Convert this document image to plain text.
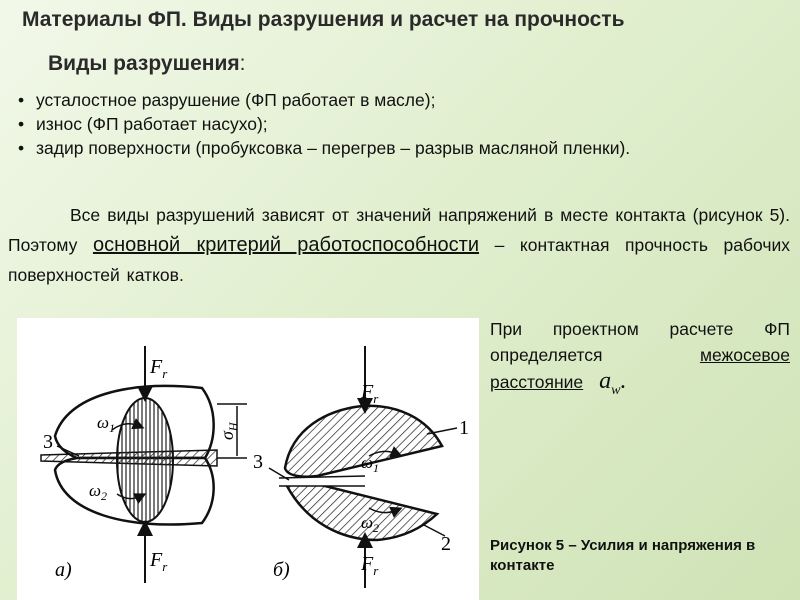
Материалы ФП. Виды разрушения и расчет на прочность
Виды разрушения:
• усталостное разрушение (ФП работает в масле);
• износ (ФП работает насухо);
• задир поверхности (пробуксовка – перегрев – разрыв масляной пленки).
Все виды разрушений зависят от значений напряжений в месте контакта (рисунок 5). Поэтому основной критерий работоспособности – контактная прочность рабочих поверхностей катков.
При проектном расчете ФП определяется межосевое расстояние $a_w$.
Рисунок 5 – Усилия и напряжения в контакте
$F_r$
$F_r$
$\omega_1$
$\omega_2$
$\sigma_H$
3
а)
$F_r$
$F_r$
$\omega_1$
$\omega_2$
1
2
3
б)
